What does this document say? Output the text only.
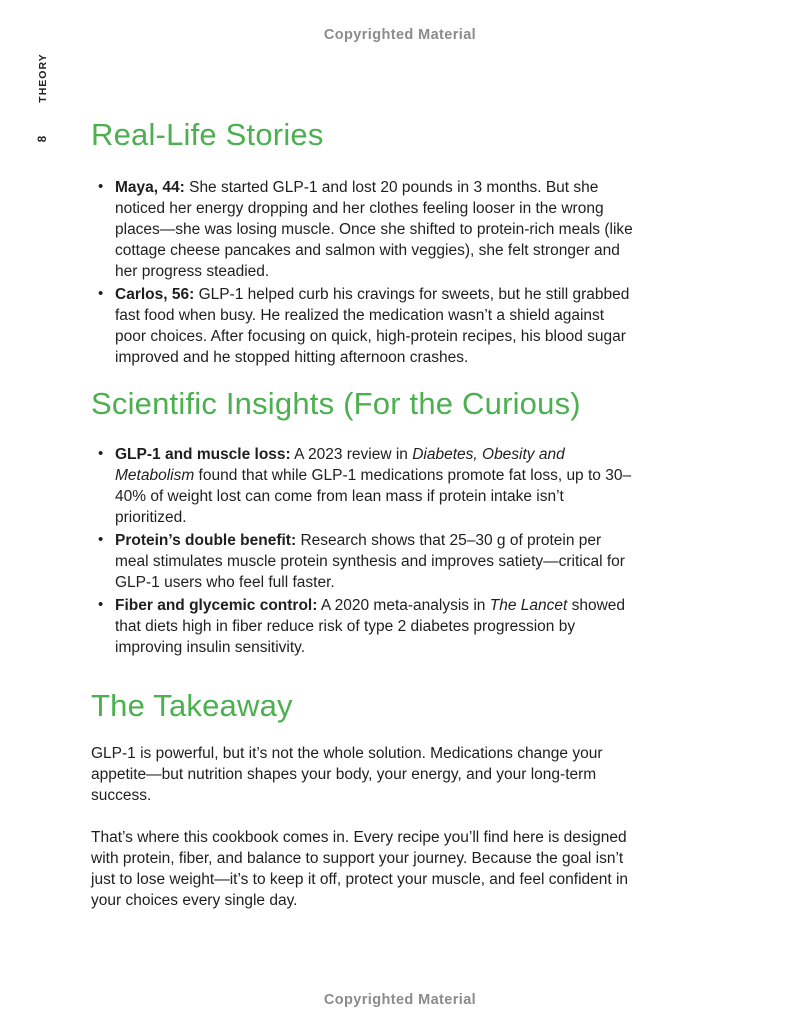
Copyrighted Material
THEORY
8 Real-Life Stories
• Maya, 44: She started GLP-1 and lost 20 pounds in 3 months. But she noticed her energy dropping and her clothes feeling looser in the wrong places—she was losing muscle. Once she shifted to protein-rich meals (like cottage cheese pancakes and salmon with veggies), she felt stronger and her progress steadied.
• Carlos, 56: GLP-1 helped curb his cravings for sweets, but he still grabbed fast food when busy. He realized the medication wasn’t a shield against poor choices. After focusing on quick, high-protein recipes, his blood sugar improved and he stopped hitting afternoon crashes.
Scientific Insights (For the Curious)
• GLP-1 and muscle loss: A 2023 review in Diabetes, Obesity and Metabolism found that while GLP-1 medications promote fat loss, up to 30–40% of weight lost can come from lean mass if protein intake isn’t prioritized.
• Protein’s double benefit: Research shows that 25–30 g of protein per meal stimulates muscle protein synthesis and improves satiety—critical for GLP-1 users who feel full faster.
• Fiber and glycemic control: A 2020 meta-analysis in The Lancet showed that diets high in fiber reduce risk of type 2 diabetes progression by improving insulin sensitivity.
The Takeaway

GLP-1 is powerful, but it’s not the whole solution. Medications change your appetite—but nutrition shapes your body, your energy, and your long-term success.

That’s where this cookbook comes in. Every recipe you’ll find here is designed with protein, fiber, and balance to support your journey. Because the goal isn’t just to lose weight—it’s to keep it off, protect your muscle, and feel confident in your choices every single day.

Copyrighted Material
